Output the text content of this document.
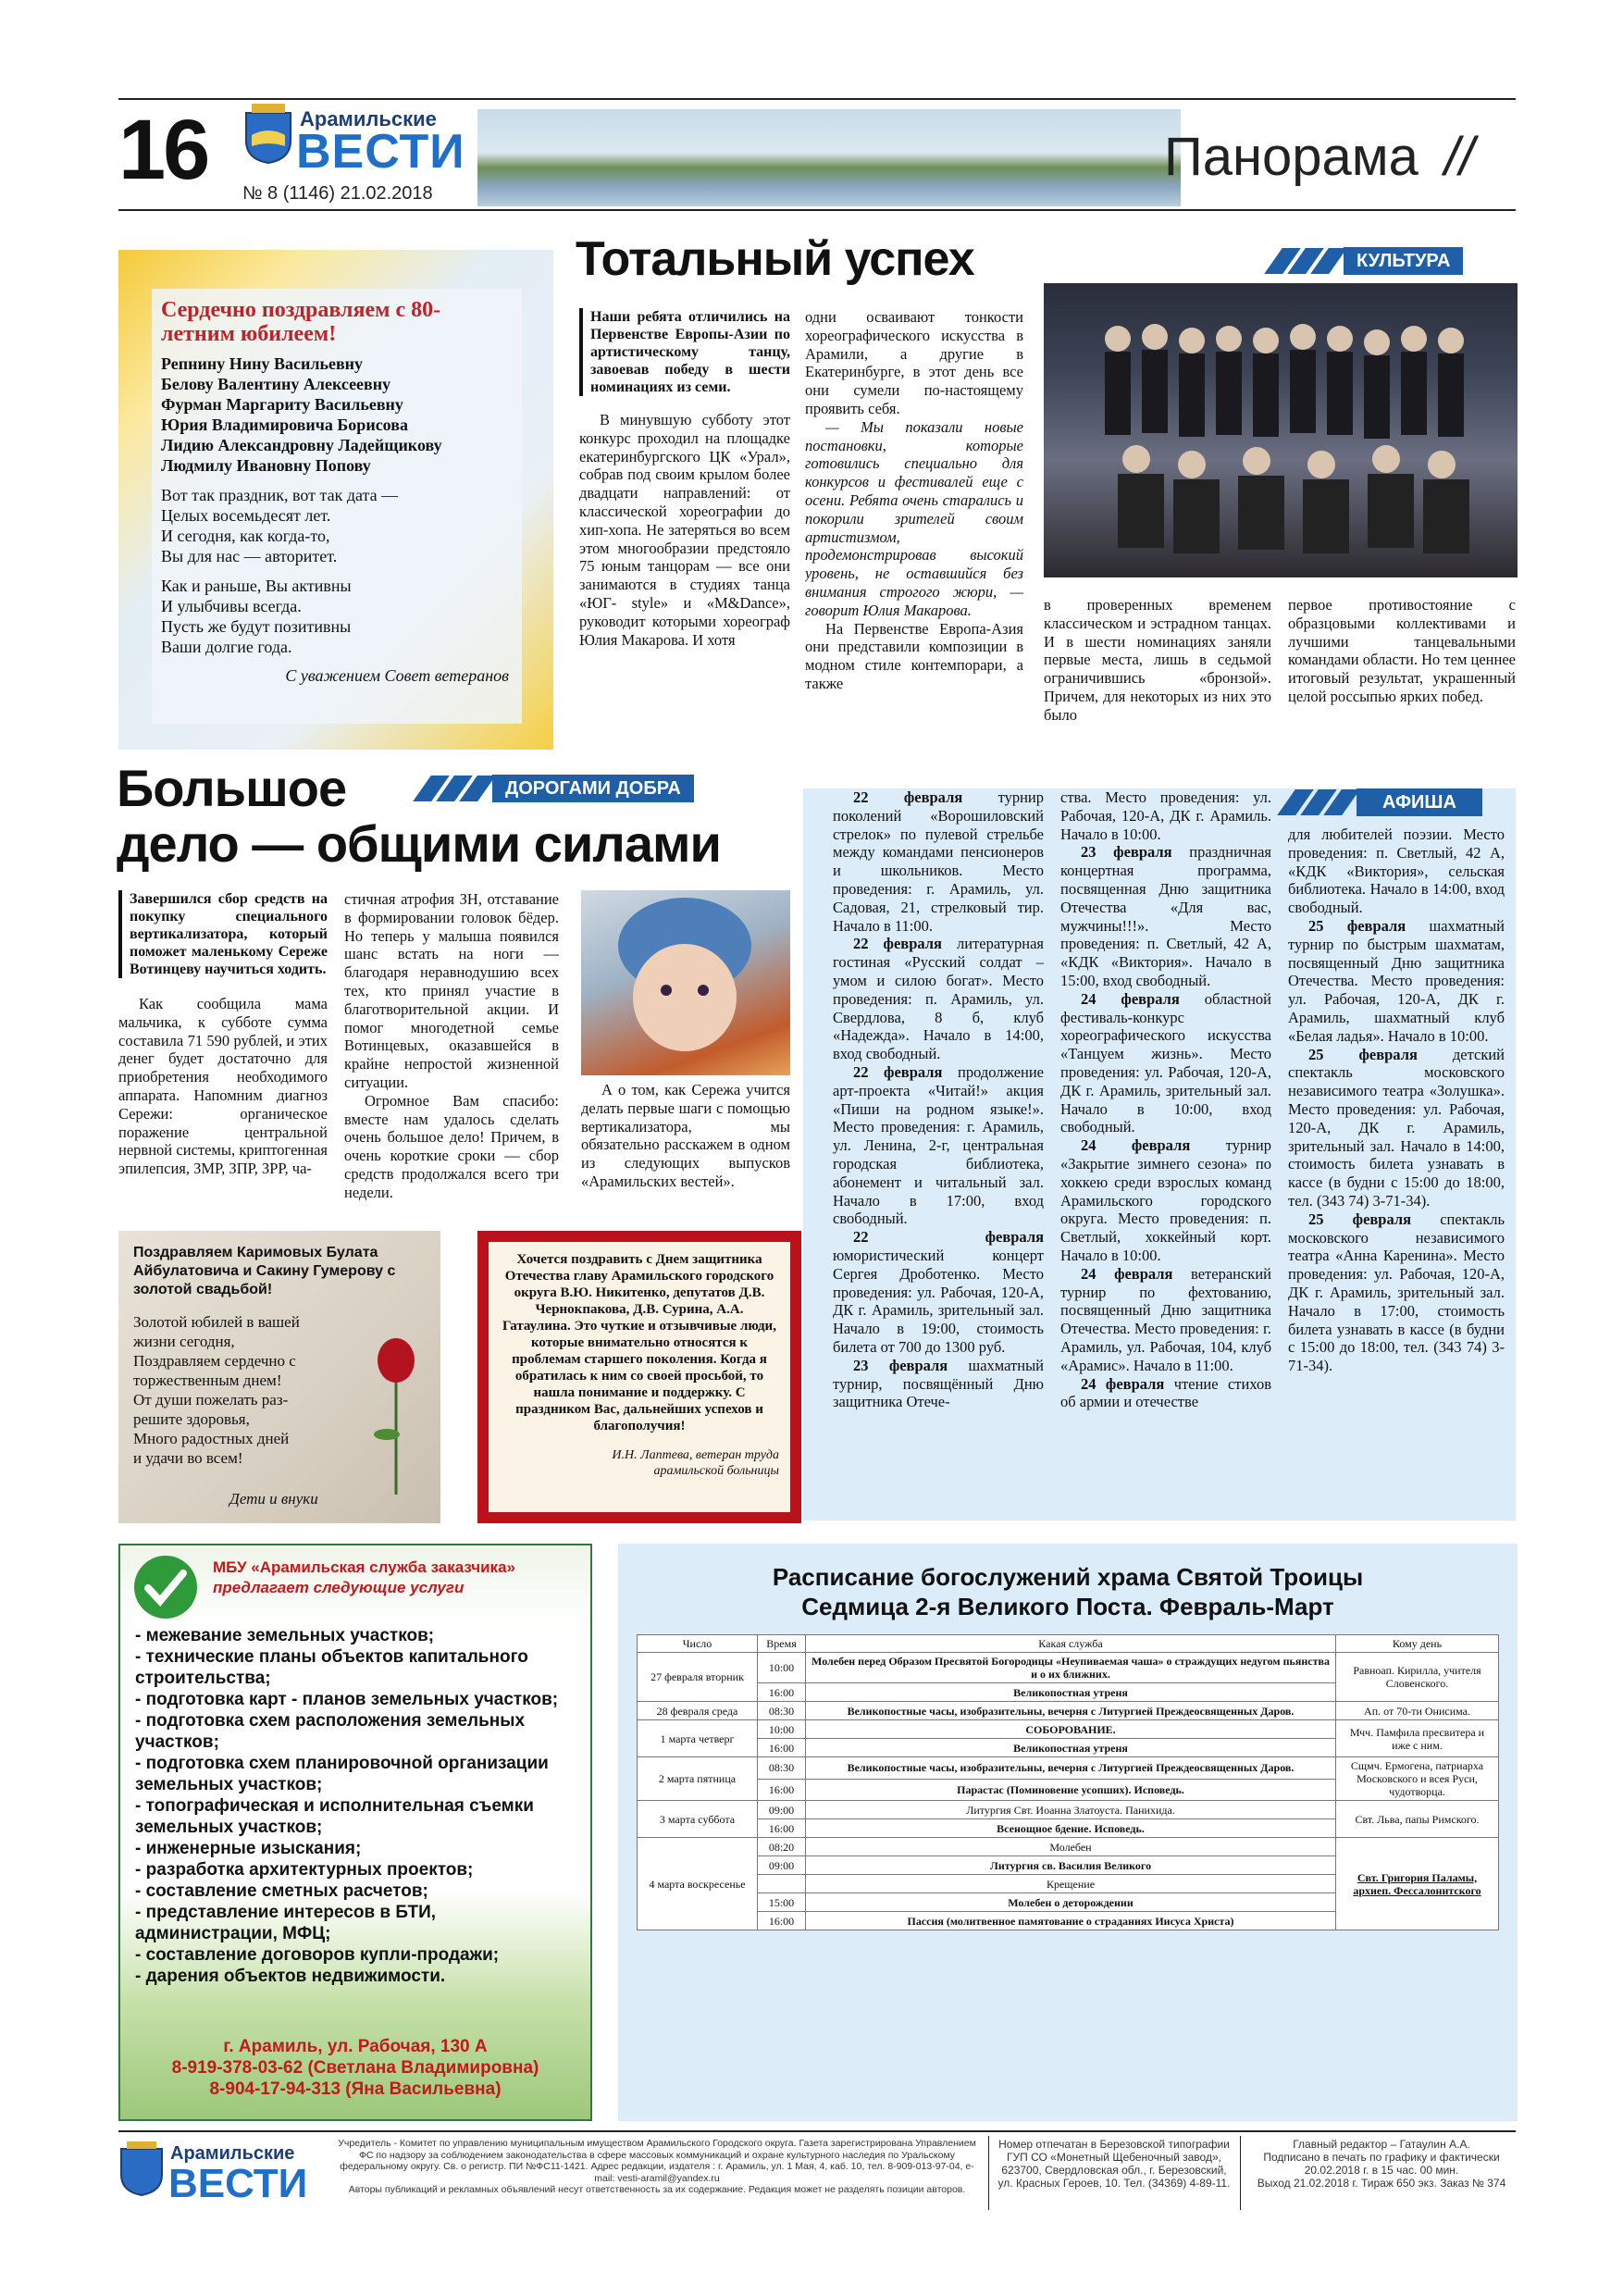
16	Арамильские
ВЕСТИ
№ 8 (1146) 21.02.2018
Панорама //
Сердечно поздравляем с 80-летним юбилеем!
Репнину Нину Васильевну
Белову Валентину Алексеевну
Фурман Маргариту Васильевну
Юрия Владимировича Борисова
Лидию Александровну Ладейщикову
Людмилу Ивановну Попову
Вот так праздник, вот так дата —
Целых восемьдесят лет.
И сегодня, как когда-то,
Вы для нас — авторитет.
Как и раньше, Вы активны
И улыбчивы всегда.
Пусть же будут позитивны
Ваши долгие года.
С уважением Совет ветеранов
Тотальный успех	КУЛЬТУРА
Наши ребята отличились на Первенстве Европы-Азии по артистическому танцу, завоевав победу в шести номинациях из семи.

В минувшую субботу этот конкурс проходил на площадке екатеринбургского ЦК «Урал», собрав под своим крылом более двадцати направлений: от классической хореографии до хип-хопа. Не затеряться во всем этом многообразии предстояло 75 юным танцорам — все они занимаются в студиях танца «ЮГ- style» и «M&Dance», руководит которыми хореограф Юлия Макарова. И хотя

одни осваивают тонкости хореографического искусства в Арамили, а другие в Екатеринбурге, в этот день все они сумели по-настоящему проявить себя.

— Мы показали новые постановки, которые готовились специально для конкурсов и фестивалей еще с осени. Ребята очень старались и покорили зрителей своим артистизмом, продемонстрировав высокий уровень, не оставшийся без внимания строгого жюри, — говорит Юлия Макарова.

На Первенстве Европа-Азия они представили композиции в модном стиле контемпорари, а также

в проверенных временем классическом и эстрадном танцах. И в шести номинациях заняли первые места, лишь в седьмой ограничившись «бронзой». Причем, для некоторых из них это было

первое противостояние с образцовыми коллективами и лучшими танцевальными командами области. Но тем ценнее итоговый результат, украшенный целой россыпью ярких побед.

Большое
дело — общими силами
ДОРОГАМИ ДОБРА
Завершился сбор средств на покупку специального вертикализатора, который поможет маленькому Сереже Вотинцеву научиться ходить.

Как сообщила мама мальчика, к субботе сумма составила 71 590 рублей, и этих денег будет достаточно для приобретения необходимого аппарата. Напомним диагноз Сережи: органическое поражение центральной нервной системы, криптогенная эпилепсия, ЗМР, ЗПР, ЗРР, ча-

стичная атрофия ЗН, отставание в формировании головок бёдер. Но теперь у малыша появился шанс встать на ноги — благодаря неравнодушию всех тех, кто принял участие в благотворительной акции. И помог многодетной семье Вотинцевых, оказавшейся в крайне непростой жизненной ситуации.

Огромное Вам спасибо: вместе нам удалось сделать очень большое дело! Причем, в очень короткие сроки — сбор средств продолжался всего три недели.

А о том, как Сережа учится делать первые шаги с помощью вертикализатора, мы обязательно расскажем в одном из следующих выпусков «Арамильских вестей».

АФИША

22 февраля турнир поколений «Ворошиловский стрелок» по пулевой стрельбе между командами пенсионеров и школьников. Место проведения: г. Арамиль, ул. Садовая, 21, стрелковый тир. Начало в 11:00.

22 февраля литературная гостиная «Русский солдат – умом и силою богат». Место проведения: п. Арамиль, ул. Свердлова, 8 б, клуб «Надежда». Начало в 14:00, вход свободный.

22 февраля продолжение арт-проекта «Читай!» акция «Пиши на родном языке!». Место проведения: г. Арамиль, ул. Ленина, 2-г, центральная городская библиотека, абонемент и читальный зал. Начало в 17:00, вход свободный.

22 февраля юмористический концерт Сергея Дроботенко. Место проведения: ул. Рабочая, 120-А, ДК г. Арамиль, зрительный зал. Начало в 19:00, стоимость билета от 700 до 1300 руб.

23 февраля шахматный турнир, посвящённый Дню защитника Отече-

ства. Место проведения: ул. Рабочая, 120-А, ДК г. Арамиль. Начало в 10:00.

23 февраля праздничная концертная программа, посвященная Дню защитника Отечества «Для вас, мужчины!!!». Место проведения: п. Светлый, 42 А, «КДК «Виктория». Начало в 15:00, вход свободный.

24 февраля областной фестиваль-конкурс хореографического искусства «Танцуем жизнь». Место проведения: ул. Рабочая, 120-А, ДК г. Арамиль, зрительный зал. Начало в 10:00, вход свободный.

24 февраля турнир «Закрытие зимнего сезона» по хоккею среди взрослых команд Арамильского городского округа. Место проведения: п. Светлый, хоккейный корт. Начало в 10:00.

24 февраля ветеранский турнир по фехтованию, посвященный Дню защитника Отечества. Место проведения: г. Арамиль, ул. Рабочая, 104, клуб «Арамис». Начало в 11:00.

24 февраля чтение стихов об армии и отечестве

для любителей поэзии. Место проведения: п. Светлый, 42 А, «КДК «Виктория», сельская библиотека. Начало в 14:00, вход свободный.

25 февраля шахматный турнир по быстрым шахматам, посвященный Дню защитника Отечества. Место проведения: ул. Рабочая, 120-А, ДК г. Арамиль, шахматный клуб «Белая ладья». Начало в 10:00.

25 февраля детский спектакль московского независимого театра «Золушка». Место проведения: ул. Рабочая, 120-А, ДК г. Арамиль, зрительный зал. Начало в 14:00, стоимость билета узнавать в кассе (в будни с 15:00 до 18:00, тел. (343 74) 3-71-34).

25 февраля спектакль московского независимого театра «Анна Каренина». Место проведения: ул. Рабочая, 120-А, ДК г. Арамиль, зрительный зал. Начало в 17:00, стоимость билета узнавать в кассе (в будни с 15:00 до 18:00, тел. (343 74) 3-71-34).

Поздравляем Каримовых Булата Айбулатовича и Сакину Гумерову с золотой свадьбой!
Золотой юбилей в вашей
жизни сегодня,
Поздравляем сердечно с
торжественным днем!
От души пожелать раз-
решите здоровья,
Много радостных дней
и удачи во всем!
Дети и внуки
Хочется поздравить с Днем защитника Отечества главу Арамильского городского округа В.Ю. Никитенко, депутатов Д.В. Чернокпакова, Д.В. Сурина, А.А. Гатаулина. Это чуткие и отзывчивые люди, которые внимательно относятся к проблемам старшего поколения. Когда я обратилась к ним со своей просьбой, то нашла понимание и поддержку. С праздником Вас, дальнейших успехов и благополучия!
И.Н. Лаптева, ветеран труда арамильской больницы
МБУ «Арамильская служба заказчика»
предлагает следующие услуги
- межевание земельных участков;
- технические планы объектов капитального строительства;
- подготовка карт - планов земельных участков;
- подготовка схем расположения земельных участков;
- подготовка схем планировочной организации земельных участков;
- топографическая и исполнительная съемки земельных участков;
- инженерные изыскания;
- разработка архитектурных проектов;
- составление сметных расчетов;
- представление интересов в БТИ, администрации, МФЦ;
- составление договоров купли-продажи;
- дарения объектов недвижимости.
г. Арамиль, ул. Рабочая, 130 А
8-919-378-03-62 (Светлана Владимировна)
8-904-17-94-313 (Яна Васильевна)
Расписание богослужений храма Святой Троицы
Седмица 2-я Великого Поста. Февраль-Март
Число	Время	Какая служба	Кому день
27 февраля вторник	10:00	Молебен перед Образом Пресвятой Богородицы «Неупиваемая чаша» о страждущих недугом пьянства и о их ближних.	Равноап. Кирилла, учителя Словенского.
	16:00	Великопостная утреня	
28 февраля среда	08:30	Великопостные часы, изобразительны, вечерня с Литургией Преждеосвященных Даров.	Ап. от 70-ти Онисима.
1 марта четверг	10:00	СОБОРОВАНИЕ.	Мчч. Памфила пресвитера и иже с ним.
	16:00	Великопостная утреня	
2 марта пятница	08:30	Великопостные часы, изобразительны, вечерня с Литургией Преждеосвященных Даров.	Сщмч. Ермогена, патриарха Московского и всея Руси, чудотворца.
	16:00	Парастас (Поминовение усопших). Исповедь.	
3 марта суббота	09:00	Литургия Свт. Иоанна Златоуста. Панихида.	Свт. Льва, папы Римского.
	16:00	Всенощное бдение. Исповедь.	
4 марта воскресенье	08:20	Молебен	Свт. Григория Паламы, архиеп. Фессалонитского
	09:00	Литургия св. Василия Великого	
		Крещение	
	15:00	Молебен о деторождении	
	16:00	Пассия (молитвенное памятование о страданиях Иисуса Христа)	
Арамильские
ВЕСТИ
Учредитель - Комитет по управлению муниципальным имуществом Арамильского Городского округа. Газета зарегистрирована Управлением ФС по надзору за соблюдением законодательства в сфере массовых коммуникаций и охране культурного наследия по Уральскому федеральному округу. Св. о регистр. ПИ №ФС11-1421. Адрес редакции, издателя : г. Арамиль, ул. 1 Мая, 4, каб. 10, тел. 8-909-013-97-04, e-mail: vesti-aramil@yandex.ru
Авторы публикаций и рекламных объявлений несут ответственность за их содержание. Редакция может не разделять позиции авторов.
Номер отпечатан в Березовской типографии ГУП СО «Монетный Щебеночный завод», 623700, Свердловская обл., г. Березовский, ул. Красных Героев, 10. Тел. (34369) 4-89-11.
Главный редактор – Гатаулин А.А.
Подписано в печать по графику и фактически 20.02.2018 г. в 15 час. 00 мин.
Выход 21.02.2018 г. Тираж 650 экз. Заказ № 374
